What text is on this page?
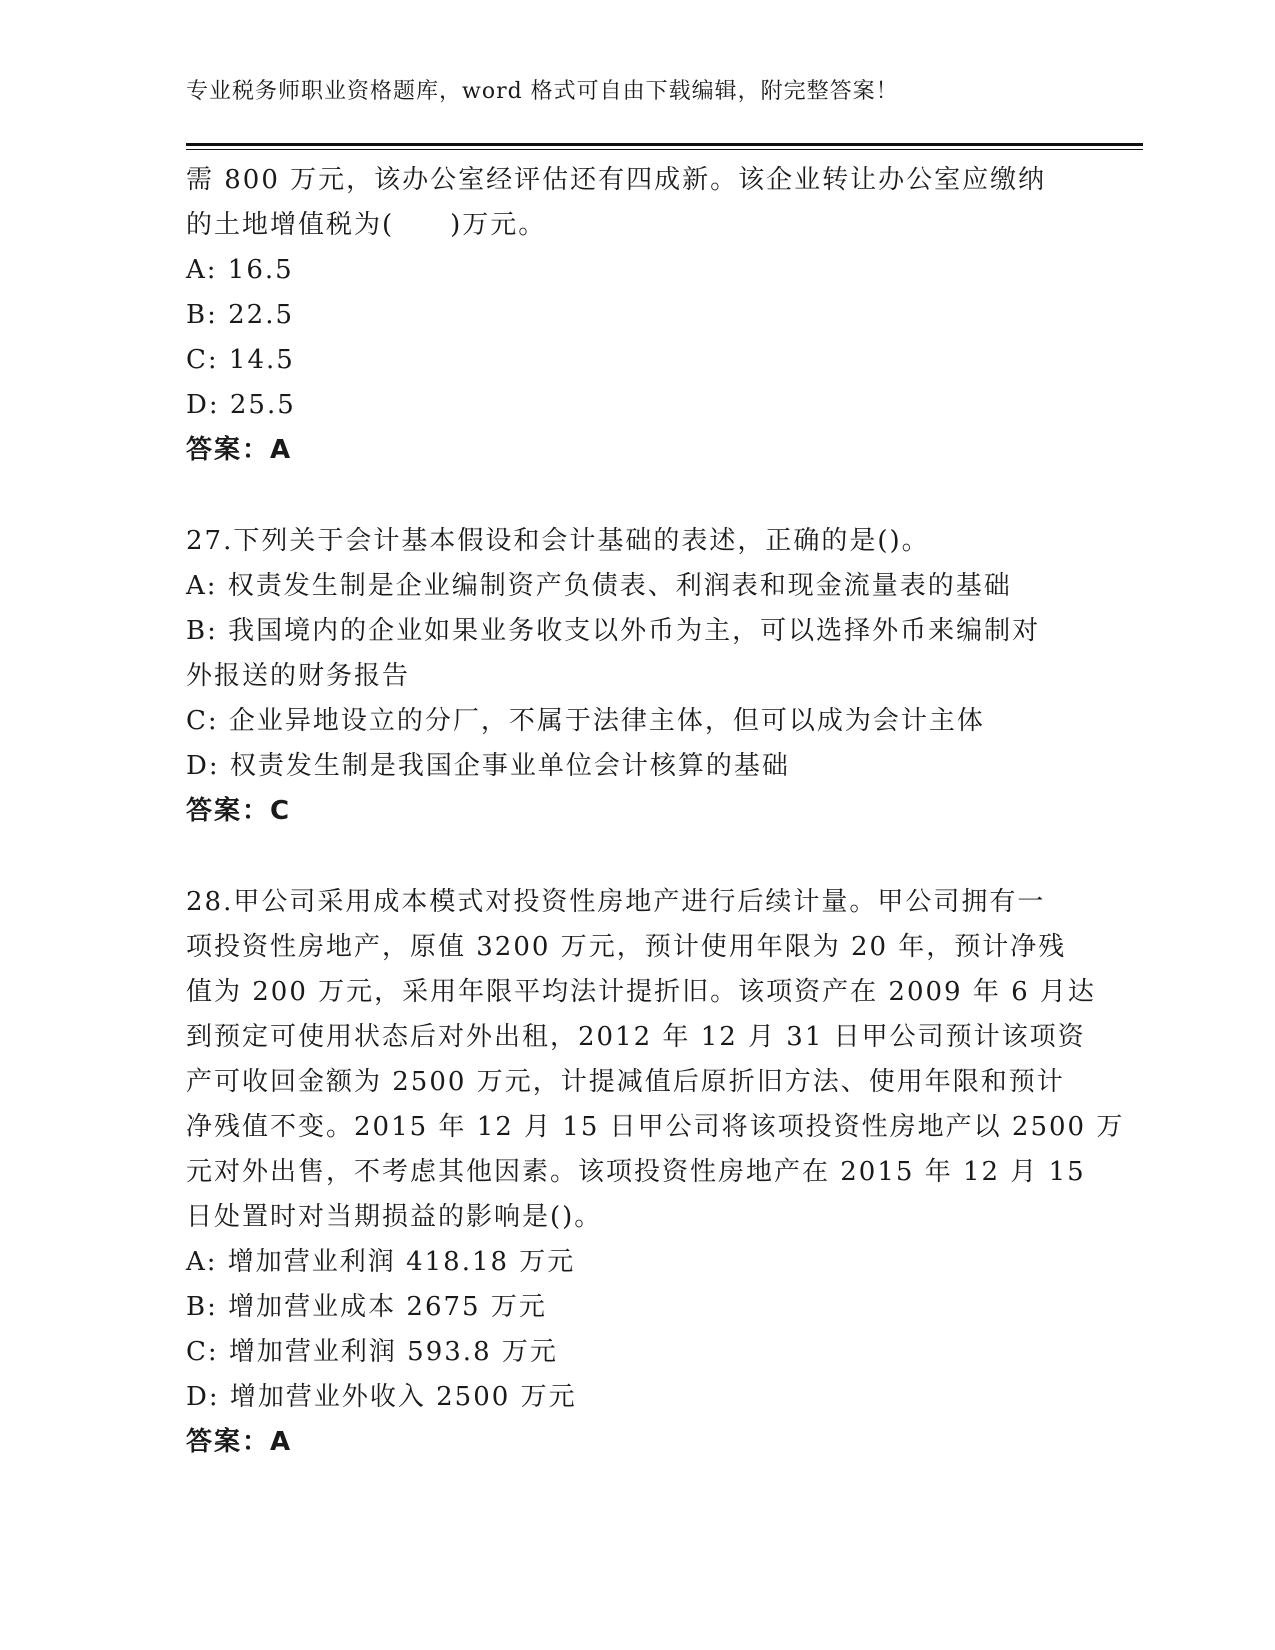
专业税务师职业资格题库，word 格式可自由下载编辑，附完整答案！
需 800 万元，该办公室经评估还有四成新。该企业转让办公室应缴纳
的土地增值税为(　　)万元。
A: 16.5
B: 22.5
C: 14.5
D: 25.5
答案：A
27.下列关于会计基本假设和会计基础的表述，正确的是()。
A: 权责发生制是企业编制资产负债表、利润表和现金流量表的基础
B: 我国境内的企业如果业务收支以外币为主，可以选择外币来编制对
外报送的财务报告
C: 企业异地设立的分厂，不属于法律主体，但可以成为会计主体
D: 权责发生制是我国企事业单位会计核算的基础
答案：C
28.甲公司采用成本模式对投资性房地产进行后续计量。甲公司拥有一
项投资性房地产，原值 3200 万元，预计使用年限为 20 年，预计净残
值为 200 万元，采用年限平均法计提折旧。该项资产在 2009 年 6 月达
到预定可使用状态后对外出租，2012 年 12 月 31 日甲公司预计该项资
产可收回金额为 2500 万元，计提减值后原折旧方法、使用年限和预计
净残值不变。2015 年 12 月 15 日甲公司将该项投资性房地产以 2500 万
元对外出售，不考虑其他因素。该项投资性房地产在 2015 年 12 月 15
日处置时对当期损益的影响是()。
A: 增加营业利润 418.18 万元
B: 增加营业成本 2675 万元
C: 增加营业利润 593.8 万元
D: 增加营业外收入 2500 万元
答案：A
